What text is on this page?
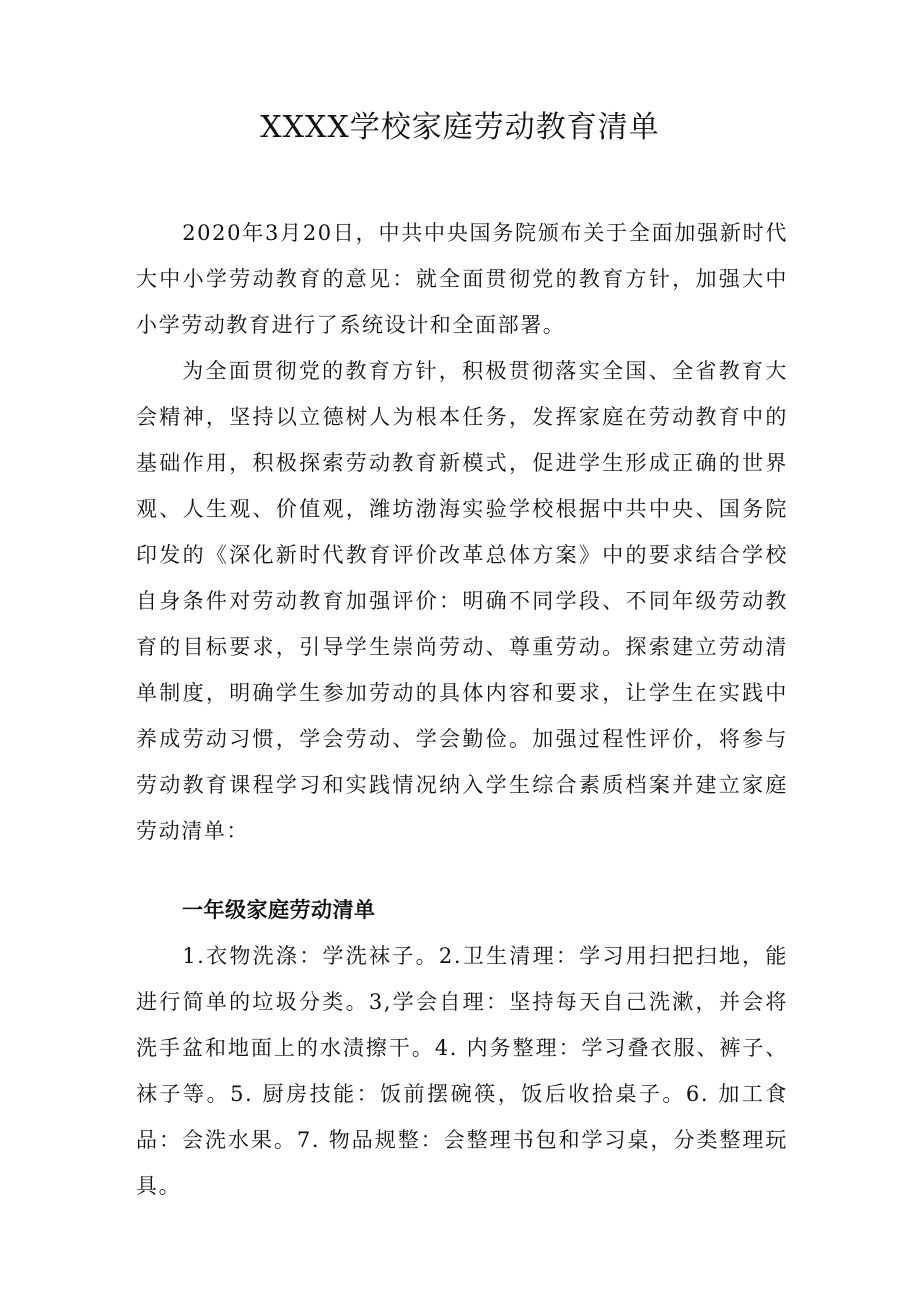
XXXX学校家庭劳动教育清单

2020年3月20日，中共中央国务院颁布关于全面加强新时代大中小学劳动教育的意见：就全面贯彻党的教育方针，加强大中小学劳动教育进行了系统设计和全面部署。

为全面贯彻党的教育方针，积极贯彻落实全国、全省教育大会精神，坚持以立德树人为根本任务，发挥家庭在劳动教育中的基础作用，积极探索劳动教育新模式，促进学生形成正确的世界观、人生观、价值观，潍坊渤海实验学校根据中共中央、国务院印发的《深化新时代教育评价改革总体方案》中的要求结合学校自身条件对劳动教育加强评价：明确不同学段、不同年级劳动教育的目标要求，引导学生崇尚劳动、尊重劳动。探索建立劳动清单制度，明确学生参加劳动的具体内容和要求，让学生在实践中养成劳动习惯，学会劳动、学会勤俭。加强过程性评价，将参与劳动教育课程学习和实践情况纳入学生综合素质档案并建立家庭劳动清单：

一年级家庭劳动清单

1.衣物洗涤：学洗袜子。2.卫生清理：学习用扫把扫地，能进行简单的垃圾分类。3,学会自理：坚持每天自己洗漱，并会将洗手盆和地面上的水渍擦干。4. 内务整理：学习叠衣服、裤子、袜子等。5. 厨房技能：饭前摆碗筷，饭后收拾桌子。6. 加工食品：会洗水果。7. 物品规整：会整理书包和学习桌，分类整理玩具。
